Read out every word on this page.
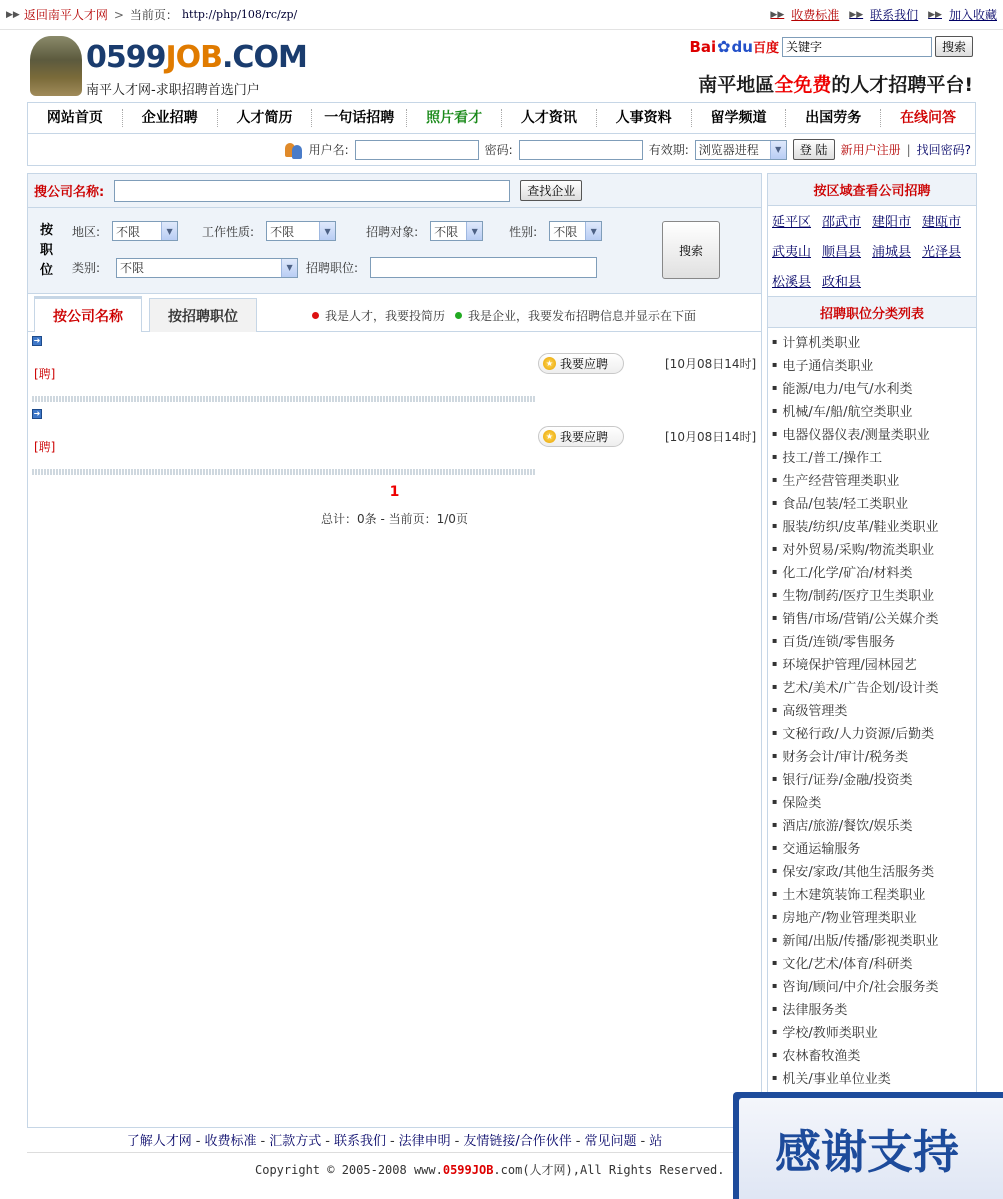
▶▶ 返回南平人才网 > 当前页： http://php/108/rc/zp/	▶▶ 收费标准 ▶▶ 联系我们 ▶▶ 加入收藏
0599JOB.COM
南平人才网-求职招聘首选门户
Bai ✿ du 百度
关键字	搜索
南平地區全免费的人才招聘平台!
网站首页	企业招聘	人才简历	一句话招聘	照片看才	人才资讯	人事资料	留学频道	出国劳务	在线问答
用户名:	密码:	有效期: 浏览器进程	▼	登 陆	新用户注册 | 找回密码?
搜公司名称:	查找企业
按职位
地区: 不限	▼	工作性质: 不限	▼	招聘对象: 不限	▼	性别: 不限	▼
类别: 不限	▼	招聘职位:
搜索
按公司名称	按招聘职位	我是人才，我要投简历 我是企业，我要发布招聘信息并显示在下面
➜
[聘]
★ 我要应聘	[10月08日14时]
➜
[聘]
★ 我要应聘	[10月08日14时]
1
总计：0条 - 当前页：1/0页
按区域查看公司招聘
延平区 邵武市 建阳市 建瓯市
武夷山 顺昌县 浦城县 光泽县
松溪县 政和县
招聘职位分类列表
▪ 计算机类职业
▪ 电子通信类职业
▪ 能源/电力/电气/水利类
▪ 机械/车/船/航空类职业
▪ 电器仪器仪表/测量类职业
▪ 技工/普工/操作工
▪ 生产经营管理类职业
▪ 食品/包装/轻工类职业
▪ 服装/纺织/皮革/鞋业类职业
▪ 对外贸易/采购/物流类职业
▪ 化工/化学/矿冶/材料类
▪ 生物/制药/医疗卫生类职业
▪ 销售/市场/营销/公关媒介类
▪ 百货/连锁/零售服务
▪ 环境保护管理/园林园艺
▪ 艺术/美术/广告企划/设计类
▪ 高级管理类
▪ 文秘行政/人力资源/后勤类
▪ 财务会计/审计/税务类
▪ 银行/证券/金融/投资类
▪ 保险类
▪ 酒店/旅游/餐饮/娱乐类
▪ 交通运输服务
▪ 保安/家政/其他生活服务类
▪ 土木建筑装饰工程类职业
▪ 房地产/物业管理类职业
▪ 新闻/出版/传播/影视类职业
▪ 文化/艺术/体育/科研类
▪ 咨询/顾问/中介/社会服务类
▪ 法律服务类
▪ 学校/教师类职业
▪ 农林畜牧渔类
▪ 机关/事业单位业类
▪
了解人才网 - 收费标准 - 汇款方式 - 联系我们 - 法律申明 - 友情链接/合作伙伴 - 常见问题 - 站
Copyright © 2005-2008 www.0599JOB.com(人才网),All Rights Reserved.	感谢支持
